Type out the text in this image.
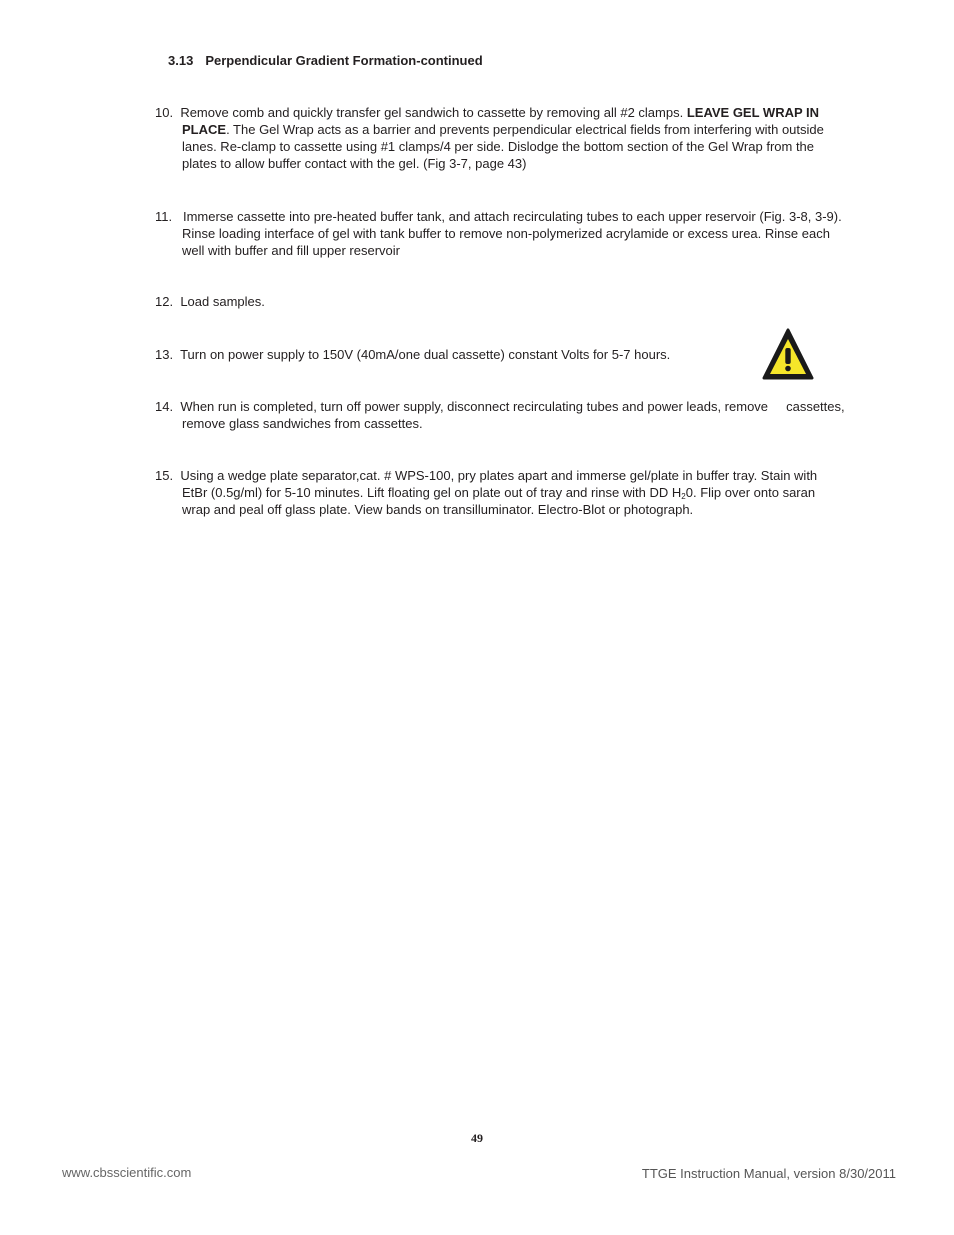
3.13 Perpendicular Gradient Formation-continued
10. Remove comb and quickly transfer gel sandwich to cassette by removing all #2 clamps. LEAVE GEL WRAP IN
PLACE. The Gel Wrap acts as a barrier and prevents perpendicular electrical fields from interfering with outside
lanes. Re-clamp to cassette using #1 clamps/4 per side. Dislodge the bottom section of the Gel Wrap from the
plates to allow buffer contact with the gel. (Fig 3-7, page 43)
11. Immerse cassette into pre-heated buffer tank, and attach recirculating tubes to each upper reservoir (Fig. 3-8, 3-9).
Rinse loading interface of gel with tank buffer to remove non-polymerized acrylamide or excess urea. Rinse each
well with buffer and fill upper reservoir
12. Load samples.
13. Turn on power supply to 150V (40mA/one dual cassette) constant Volts for 5-7 hours.
14. When run is completed, turn off power supply, disconnect recirculating tubes and power leads, remove     cassettes,
remove glass sandwiches from cassettes.
15. Using a wedge plate separator,cat. # WPS-100, pry plates apart and immerse gel/plate in buffer tray. Stain with
EtBr (0.5g/ml) for 5-10 minutes. Lift floating gel on plate out of tray and rinse with DD $H_20$. Flip over onto saran
wrap and peal off glass plate. View bands on transilluminator. Electro-Blot or photograph.
49
www.cbsscientific.com	TTGE Instruction Manual, version 8/30/2011
